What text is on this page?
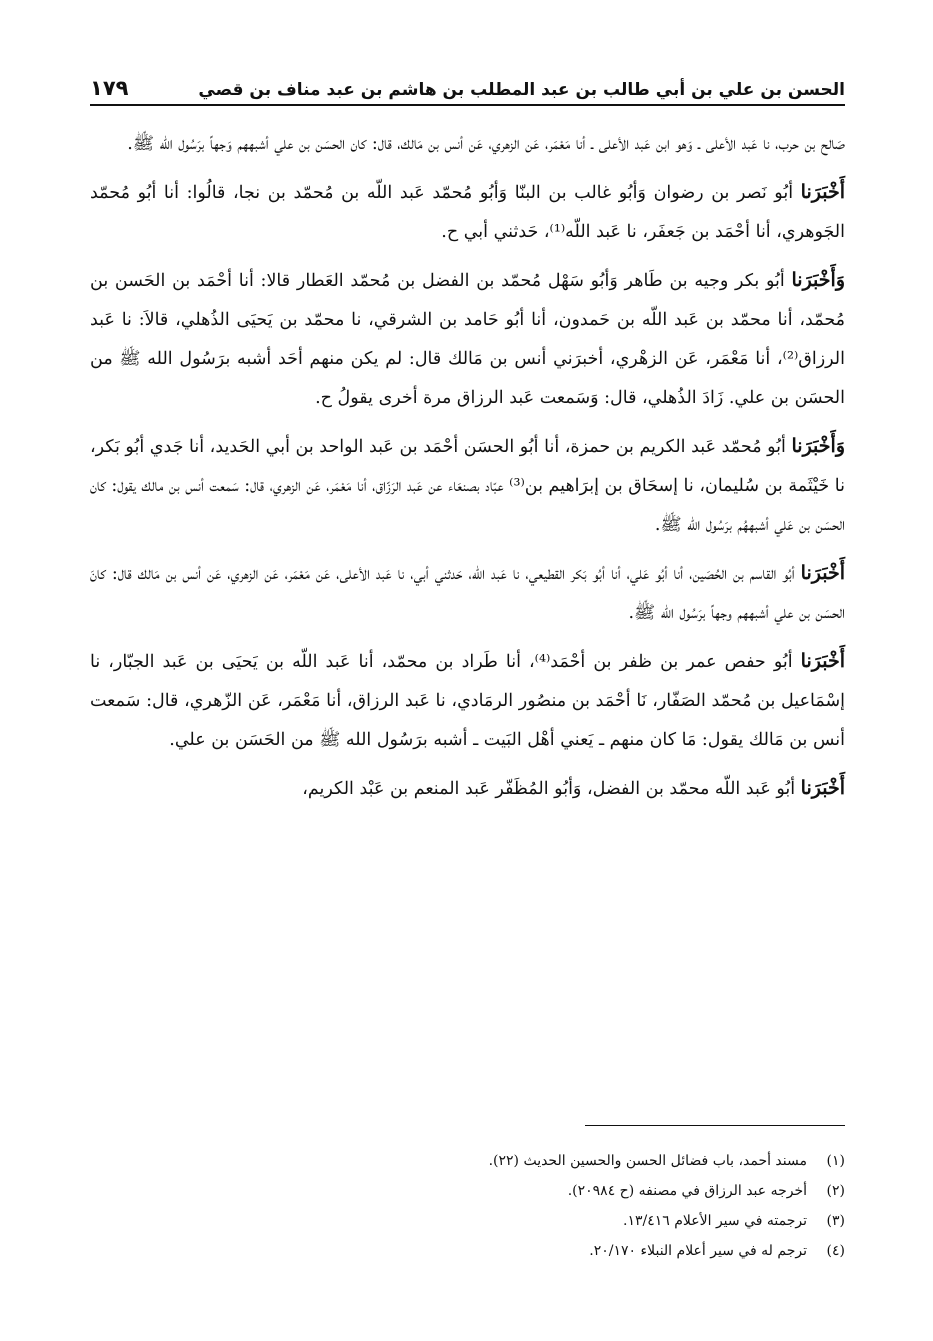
الحسن بن علي بن أبي طالب بن عبد المطلب بن هاشم بن عبد مناف بن قصي
١٧٩

صَالح بن حرب، نا عَبد الأعلى ـ وَهو ابن عَبد الأعلى ـ أنا مَعْمَر، عَن الزهري، عَن أنس بن مَالك، قال: كان الحسَن بن علي أشبههم وَجهاً برَسُول الله ﷺ.

أَخْبَرَنا أبُو نَصر بن رضوان وَأبُو غالب بن البنّا وَأبُو مُحمّد عَبد اللّه بن مُحمّد بن نجا، قالُوا: أنا أبُو مُحمّد الجَوهري، أنا أحْمَد بن جَعفَر، نا عَبد اللّه⁽¹⁾، حَدثني أبي ح.

وَأَخْبَرَنا أبُو بكر وجيه بن طَاهر وَأبُو سَهْل مُحمّد بن الفضل بن مُحمّد العَطار قالا: أنا أحْمَد بن الحَسن بن مُحمّد، أنا محمّد بن عَبد اللّه بن حَمدون، أنا أبُو حَامد بن الشرقي، نا محمّد بن يَحيَى الذُهلي، قالاَ: نا عَبد الرزاق⁽²⁾، أنا مَعْمَر، عَن الزهْري، أخبرَني أنس بن مَالك قال: لم يكن منهم أحَد أشبه برَسُول الله ﷺ من الحسَن بن علي. زَادَ الذُهلي، قال: وَسَمعت عَبد الرزاق مرة أخرى يقولُ ح.

وَأَخْبَرَنا أبُو مُحمّد عَبد الكريم بن حمزة، أنا أبُو الحسَن أحْمَد بن عَبد الواحد بن أبي الحَديد، أنا جَدي أبُو بَكر، نا خَيْثَمة بن سُليمان، نا إسحَاق بن إبرَاهيم بن⁽³⁾ عبّاد بصنعَاء عن عَبد الرَزّاق، أنا مَعْمَر، عَن الزهري، قال: سَمعت أنس بن مالك يقول: كان الحسَن بن عَلي أشبههُم برَسُول الله ﷺ.

أَخْبَرَنا أبُو القاسم بن الحُصَين، أنا أبُو عَلي، أنا أبُو بَكر القطيعي، نا عَبد اللّه، حَدثني أبي، نا عَبد الأعلى، عَن مَعْمَر، عَن الزهري، عَن أنس بن مَالك قال: كانَ الحسَن بن علي أشبههم وجهاً برَسُول الله ﷺ.

أَخْبَرَنا أبُو حفص عمر بن ظفر بن أحْمَد⁽⁴⁾، أنا طَراد بن محمّد، أنا عَبد اللّه بن يَحيَى بن عَبد الجبّار، نا إسْمَاعيل بن مُحمّد الصَفّار، نَا أحْمَد بن منصُور الرمَادي، نا عَبد الرزاق، أنا مَعْمَر، عَن الزّهري، قال: سَمعت أنس بن مَالك يقول: مَا كان منهم ـ يَعني أهْل البَيت ـ أشبه برَسُول الله ﷺ من الحَسَن بن علي.

أَخْبَرَنا أبُو عَبد اللّه محمّد بن الفضل، وَأبُو المُظَفّر عَبد المنعم بن عَبْد الكريم،

(١)
مسند أحمد، باب فضائل الحسن والحسين الحديث (٢٢).
(٢)
أخرجه عبد الرزاق في مصنفه (ح ٢٠٩٨٤).
(٣)
ترجمته في سير الأعلام ١٣/٤١٦.
(٤)
ترجم له في سير أعلام النبلاء ٢٠/١٧٠.
